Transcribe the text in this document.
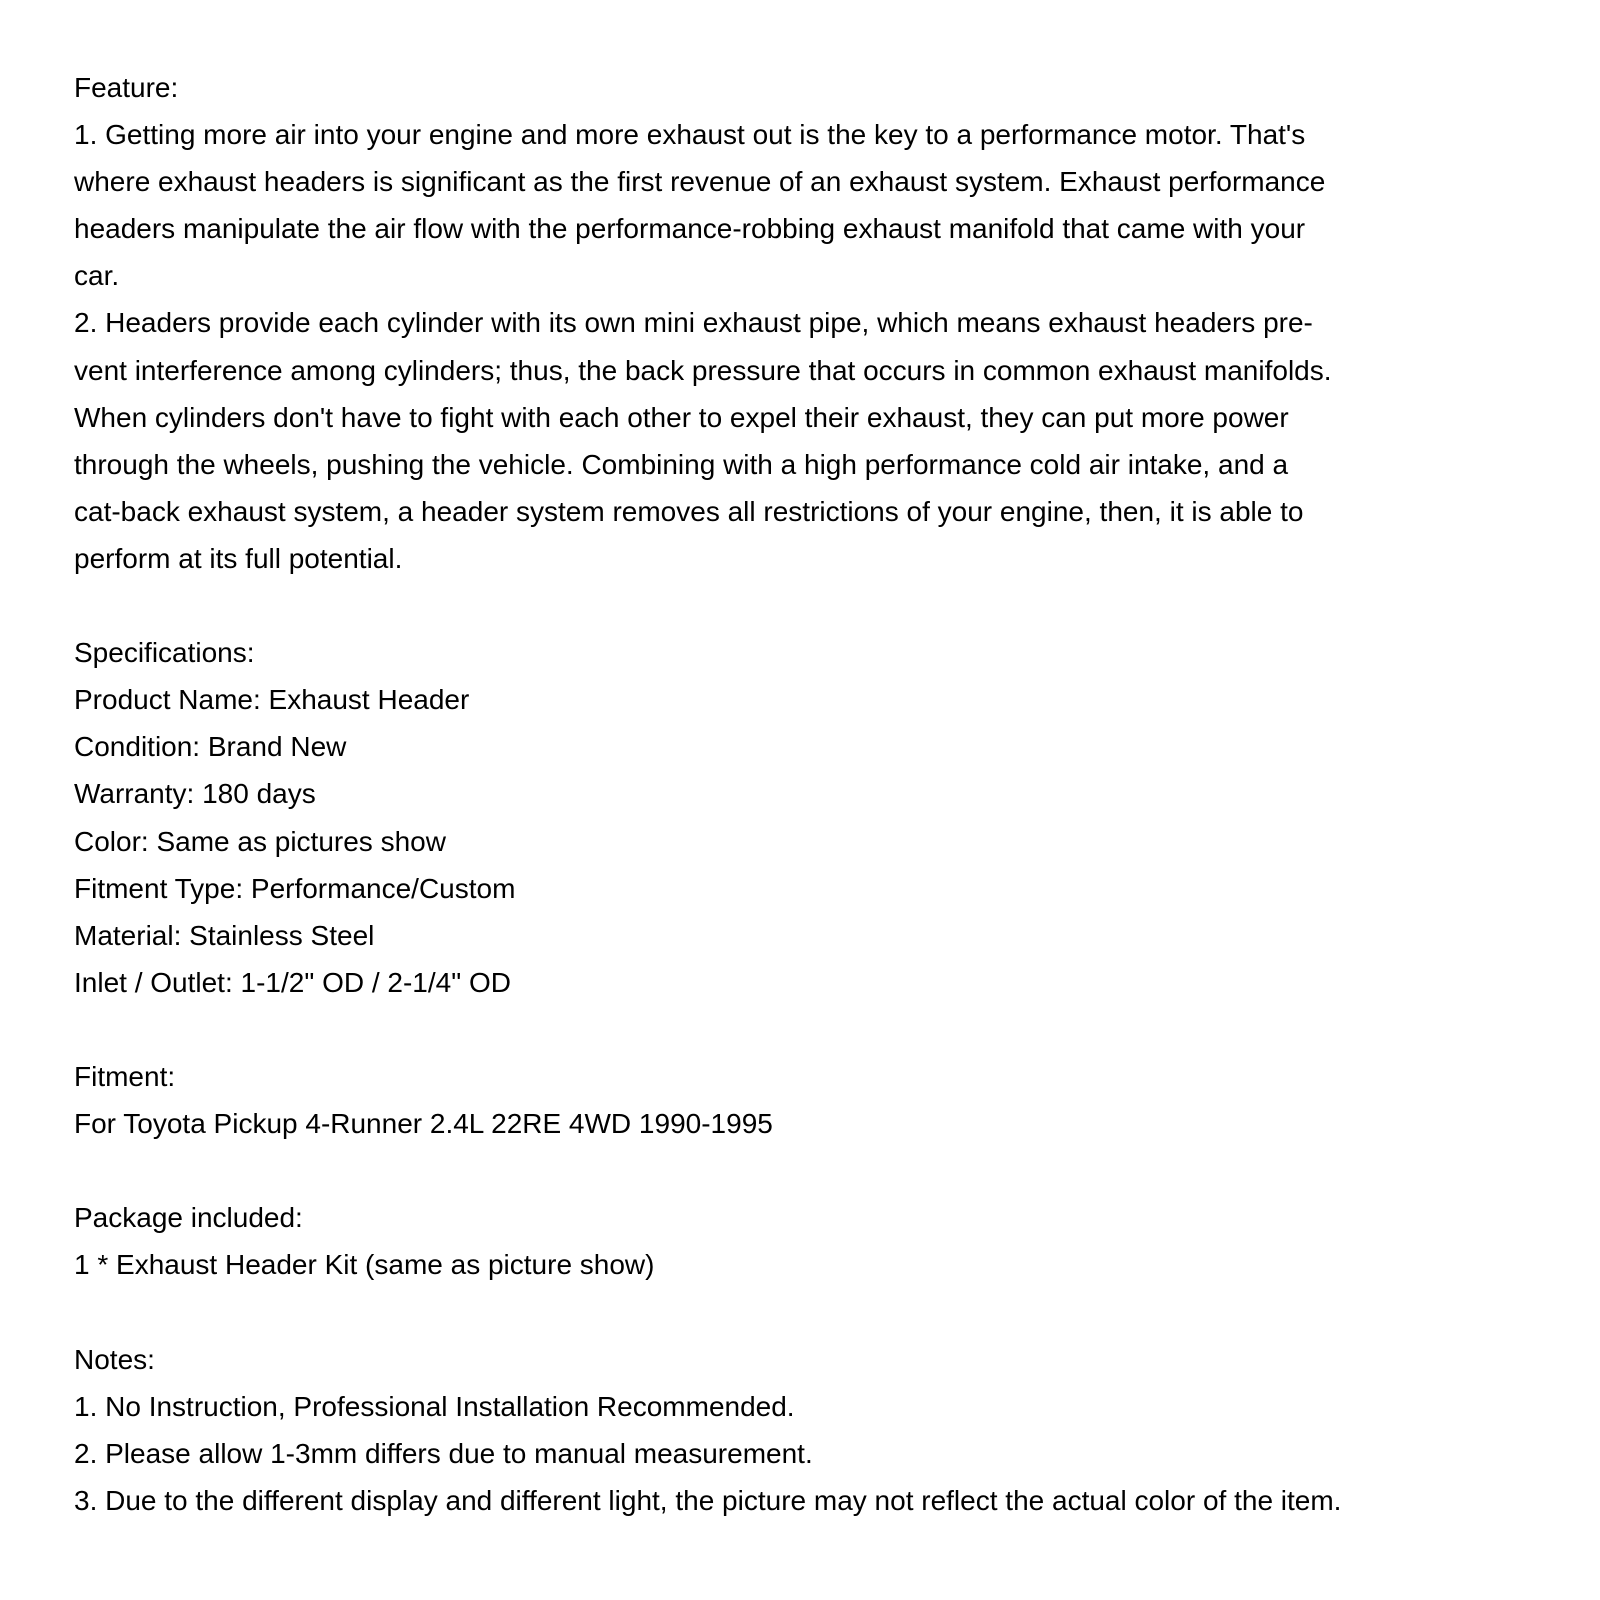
Feature:
1. Getting more air into your engine and more exhaust out is the key to a performance motor. That's
where exhaust headers is significant as the first revenue of an exhaust system. Exhaust performance
headers manipulate the air flow with the performance-robbing exhaust manifold that came with your
car.
2. Headers provide each cylinder with its own mini exhaust pipe, which means exhaust headers pre-
vent interference among cylinders; thus, the back pressure that occurs in common exhaust manifolds.
When cylinders don't have to fight with each other to expel their exhaust, they can put more power
through the wheels, pushing the vehicle. Combining with a high performance cold air intake, and a
cat-back exhaust system, a header system removes all restrictions of your engine, then, it is able to
perform at its full potential.
Specifications:
Product Name: Exhaust Header
Condition: Brand New
Warranty: 180 days
Color: Same as pictures show
Fitment Type: Performance/Custom
Material: Stainless Steel
Inlet / Outlet: 1-1/2" OD / 2-1/4" OD
Fitment:
For Toyota Pickup 4-Runner 2.4L 22RE 4WD 1990-1995
Package included:
1 * Exhaust Header Kit (same as picture show)
Notes:
1. No Instruction, Professional Installation Recommended.
2. Please allow 1-3mm differs due to manual measurement.
3. Due to the different display and different light, the picture may not reflect the actual color of the item.
